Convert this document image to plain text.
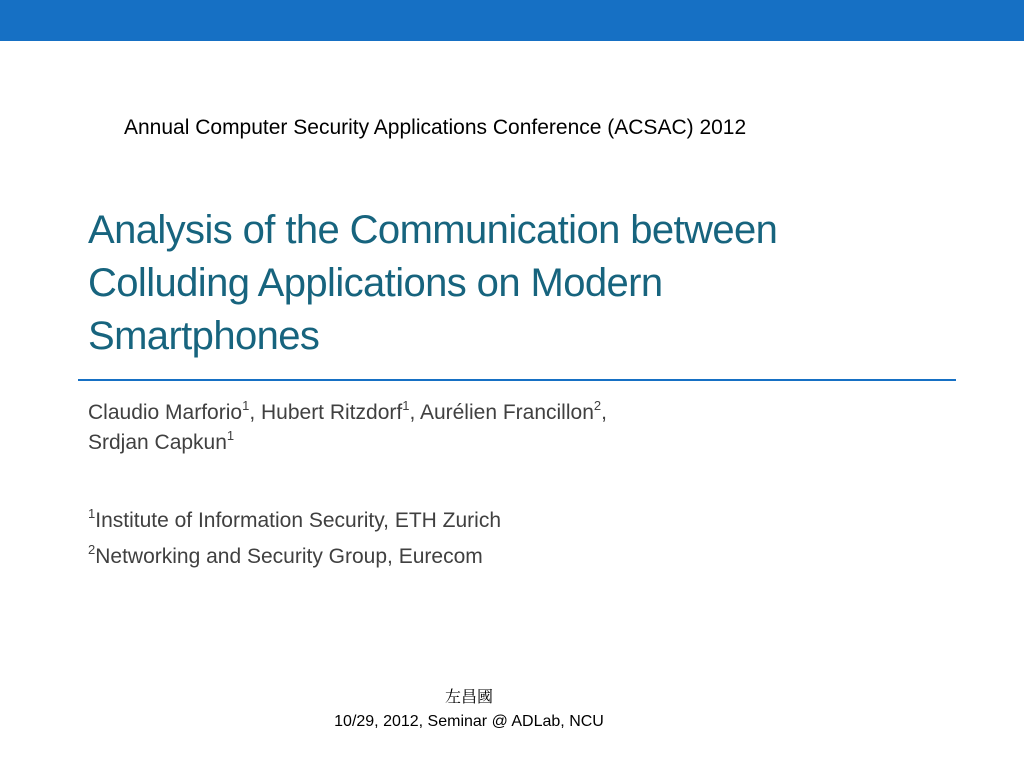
Annual Computer Security Applications Conference (ACSAC) 2012
Analysis of the Communication between
Colluding Applications on Modern
Smartphones
Claudio Marforio$^1$, Hubert Ritzdorf$^1$, Aurélien Francillon$^2$,
Srdjan Capkun$^1$
$^1$Institute of Information Security, ETH Zurich
$^2$Networking and Security Group, Eurecom
左昌國
10/29, 2012, Seminar @ ADLab, NCU
